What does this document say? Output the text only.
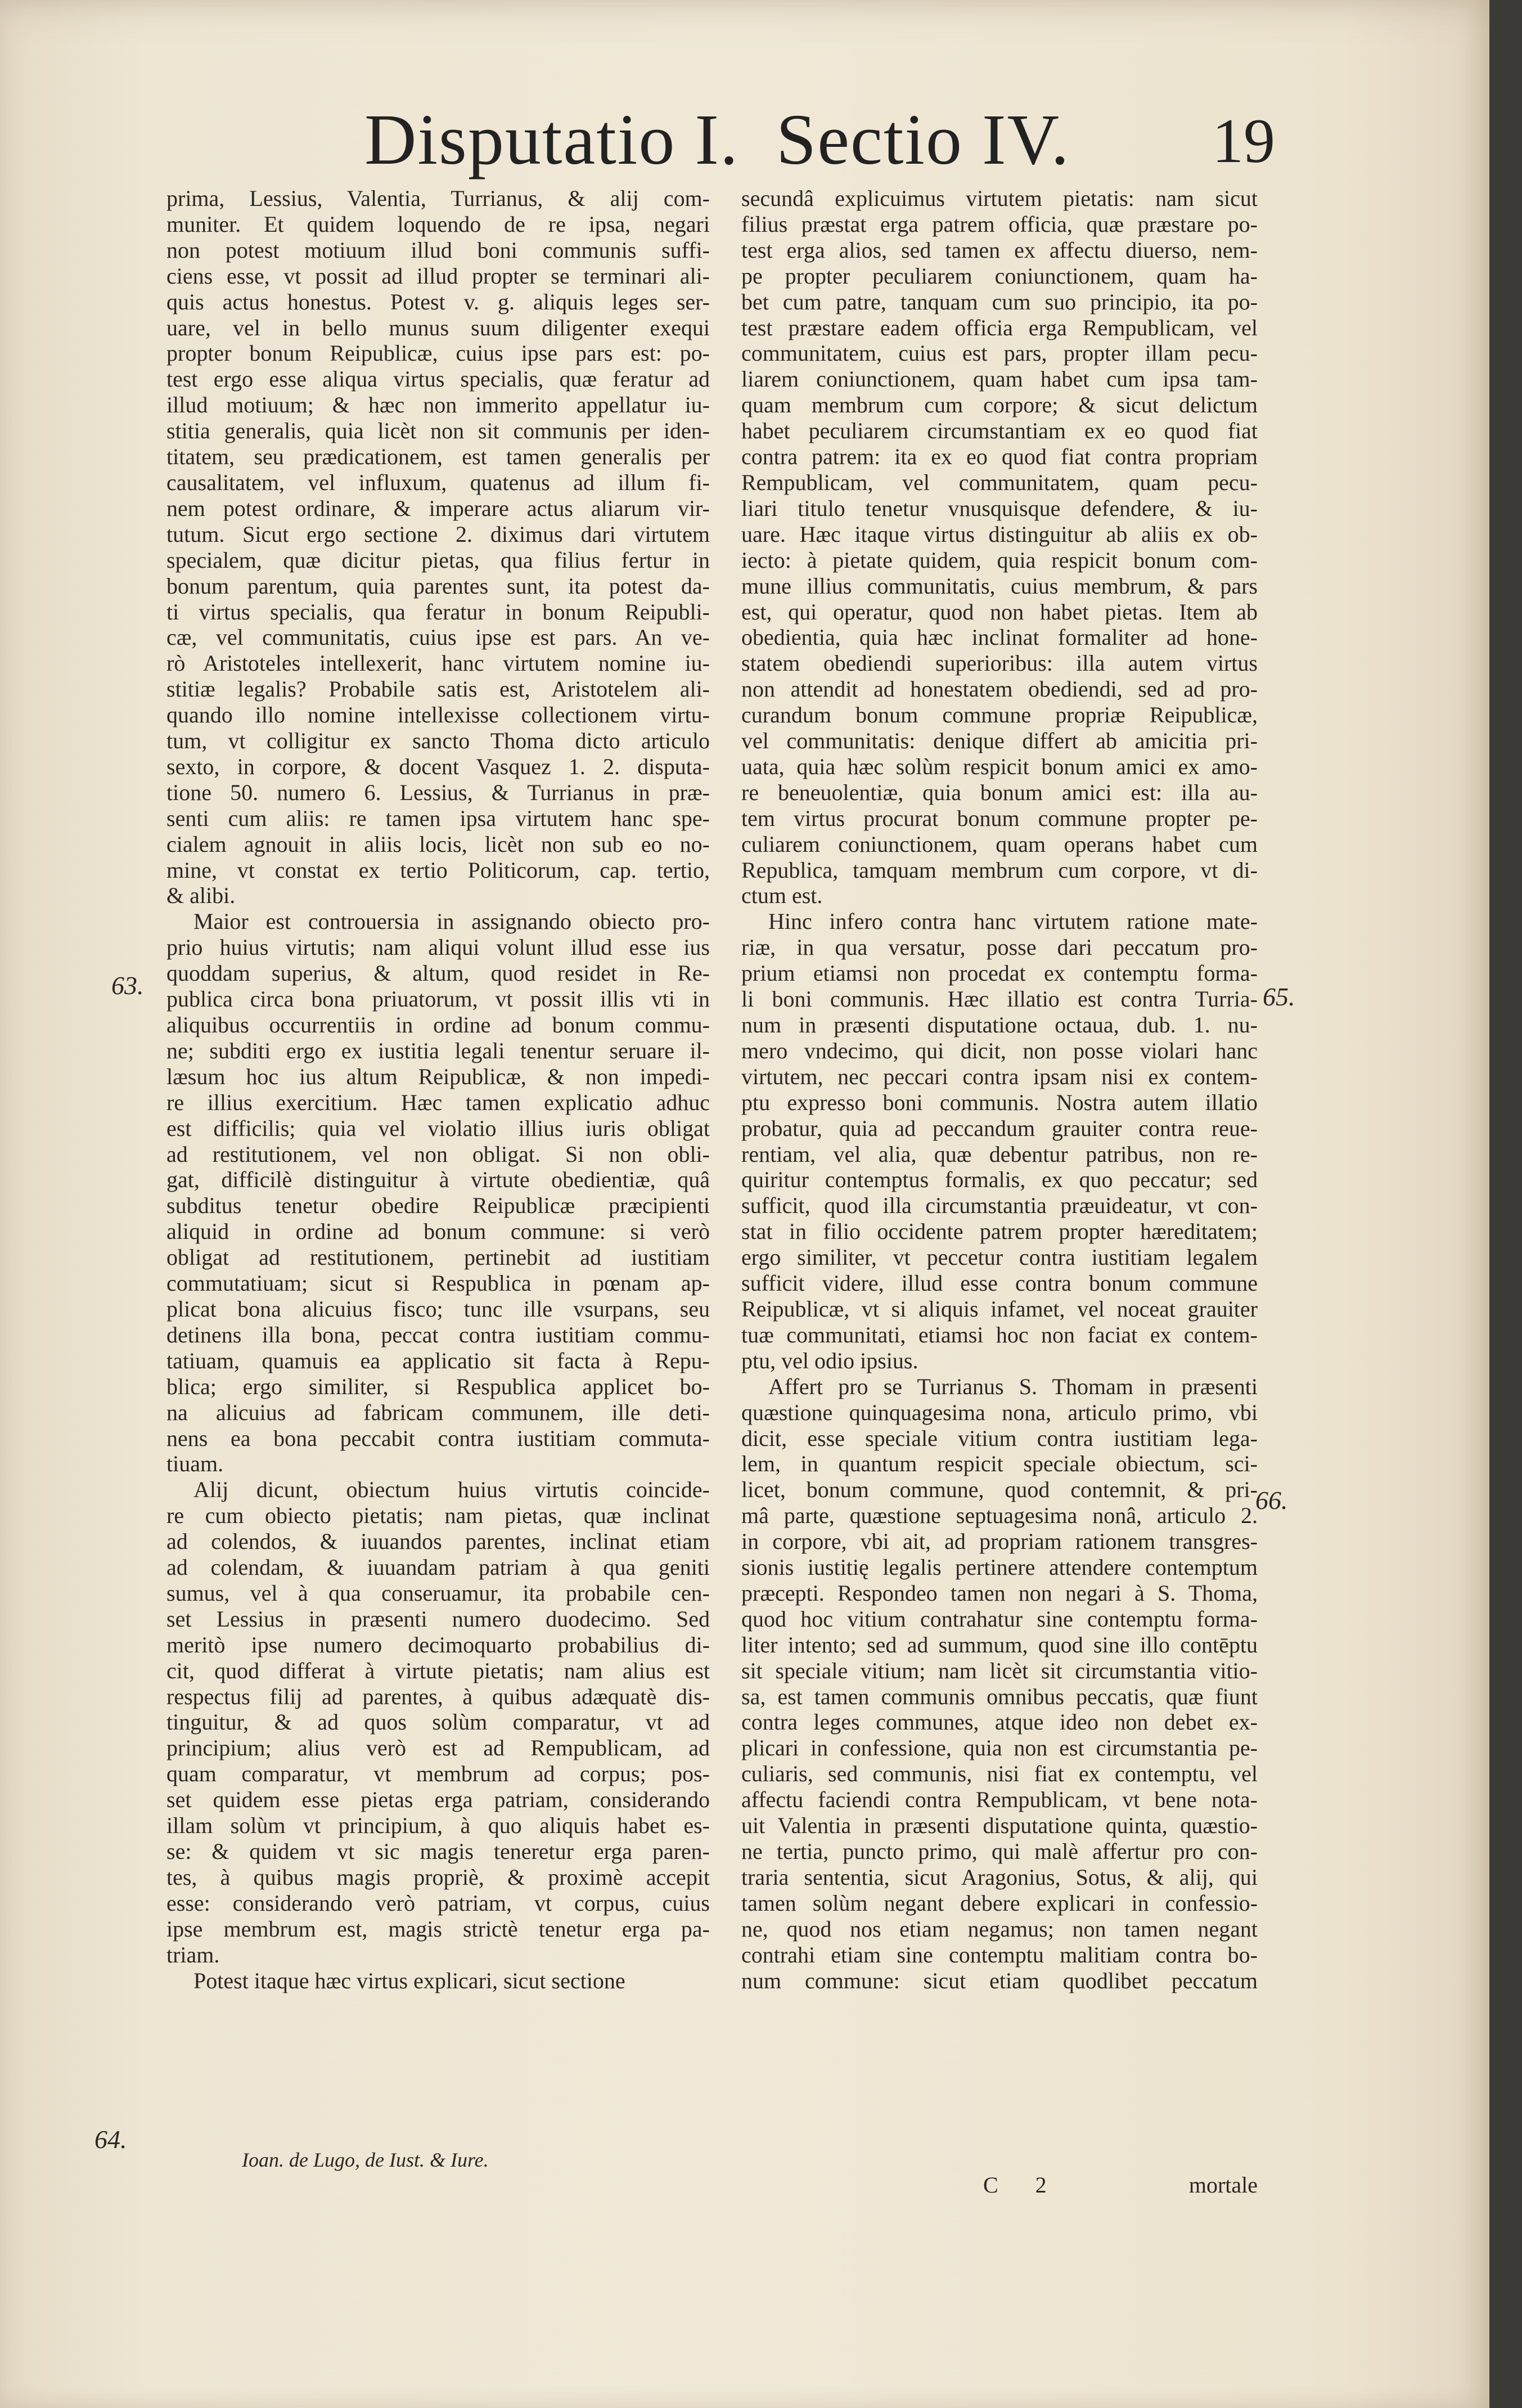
Disputatio I. Sectio IV. 19
prima, Lessius, Valentia, Turrianus, & alij com-
muniter. Et quidem loquendo de re ipsa, negari
non potest motiuum illud boni communis suffi-
ciens esse, vt possit ad illud propter se terminari ali-
quis actus honestus. Potest v. g. aliquis leges ser-
uare, vel in bello munus suum diligenter exequi
propter bonum Reipublicæ, cuius ipse pars est: po-
test ergo esse aliqua virtus specialis, quæ feratur ad
illud motiuum; & hæc non immerito appellatur iu-
stitia generalis, quia licèt non sit communis per iden-
titatem, seu prædicationem, est tamen generalis per
causalitatem, vel influxum, quatenus ad illum fi-
nem potest ordinare, & imperare actus aliarum vir-
tutum. Sicut ergo sectione 2. diximus dari virtutem
specialem, quæ dicitur pietas, qua filius fertur in
bonum parentum, quia parentes sunt, ita potest da-
ti virtus specialis, qua feratur in bonum Reipubli-
cæ, vel communitatis, cuius ipse est pars. An ve-
rò Aristoteles intellexerit, hanc virtutem nomine iu-
stitiæ legalis? Probabile satis est, Aristotelem ali-
quando illo nomine intellexisse collectionem virtu-
tum, vt colligitur ex sancto Thoma dicto articulo
sexto, in corpore, & docent Vasquez 1. 2. disputa-
tione 50. numero 6. Lessius, & Turrianus in præ-
senti cum aliis: re tamen ipsa virtutem hanc spe-
cialem agnouit in aliis locis, licèt non sub eo no-
mine, vt constat ex tertio Politicorum, cap. tertio,
& alibi.
Maior est controuersia in assignando obiecto pro-
prio huius virtutis; nam aliqui volunt illud esse ius
quoddam superius, & altum, quod residet in Re-
publica circa bona priuatorum, vt possit illis vti in
aliquibus occurrentiis in ordine ad bonum commu-
ne; subditi ergo ex iustitia legali tenentur seruare il-
læsum hoc ius altum Reipublicæ, & non impedi-
re illius exercitium. Hæc tamen explicatio adhuc
est difficilis; quia vel violatio illius iuris obligat
ad restitutionem, vel non obligat. Si non obli-
gat, difficilè distinguitur à virtute obedientiæ, quâ
subditus tenetur obedire Reipublicæ præcipienti
aliquid in ordine ad bonum commune: si verò
obligat ad restitutionem, pertinebit ad iustitiam
commutatiuam; sicut si Respublica in pœnam ap-
plicat bona alicuius fisco; tunc ille vsurpans, seu
detinens illa bona, peccat contra iustitiam commu-
tatiuam, quamuis ea applicatio sit facta à Repu-
blica; ergo similiter, si Respublica applicet bo-
na alicuius ad fabricam communem, ille deti-
nens ea bona peccabit contra iustitiam commuta-
tiuam.
Alij dicunt, obiectum huius virtutis coincide-
re cum obiecto pietatis; nam pietas, quæ inclinat
ad colendos, & iuuandos parentes, inclinat etiam
ad colendam, & iuuandam patriam à qua geniti
sumus, vel à qua conseruamur, ita probabile cen-
set Lessius in præsenti numero duodecimo. Sed
meritò ipse numero decimoquarto probabilius di-
cit, quod differat à virtute pietatis; nam alius est
respectus filij ad parentes, à quibus adæquatè dis-
tinguitur, & ad quos solùm comparatur, vt ad
principium; alius verò est ad Rempublicam, ad
quam comparatur, vt membrum ad corpus; pos-
set quidem esse pietas erga patriam, considerando
illam solùm vt principium, à quo aliquis habet es-
se: & quidem vt sic magis teneretur erga paren-
tes, à quibus magis propriè, & proximè accepit
esse: considerando verò patriam, vt corpus, cuius
ipse membrum est, magis strictè tenetur erga pa-
triam.
Potest itaque hæc virtus explicari, sicut sectione
secundâ explicuimus virtutem pietatis: nam sicut
filius præstat erga patrem officia, quæ præstare po-
test erga alios, sed tamen ex affectu diuerso, nem-
pe propter peculiarem coniunctionem, quam ha-
bet cum patre, tanquam cum suo principio, ita po-
test præstare eadem officia erga Rempublicam, vel
communitatem, cuius est pars, propter illam pecu-
liarem coniunctionem, quam habet cum ipsa tam-
quam membrum cum corpore; & sicut delictum
habet peculiarem circumstantiam ex eo quod fiat
contra patrem: ita ex eo quod fiat contra propriam
Rempublicam, vel communitatem, quam pecu-
liari titulo tenetur vnusquisque defendere, & iu-
uare. Hæc itaque virtus distinguitur ab aliis ex ob-
iecto: à pietate quidem, quia respicit bonum com-
mune illius communitatis, cuius membrum, & pars
est, qui operatur, quod non habet pietas. Item ab
obedientia, quia hæc inclinat formaliter ad hone-
statem obediendi superioribus: illa autem virtus
non attendit ad honestatem obediendi, sed ad pro-
curandum bonum commune propriæ Reipublicæ,
vel communitatis: denique differt ab amicitia pri-
uata, quia hæc solùm respicit bonum amici ex amo-
re beneuolentiæ, quia bonum amici est: illa au-
tem virtus procurat bonum commune propter pe-
culiarem coniunctionem, quam operans habet cum
Republica, tamquam membrum cum corpore, vt di-
ctum est.
Hinc infero contra hanc virtutem ratione mate-
riæ, in qua versatur, posse dari peccatum pro-
prium etiamsi non procedat ex contemptu forma-
li boni communis. Hæc illatio est contra Turria-
num in præsenti disputatione octaua, dub. 1. nu-
mero vndecimo, qui dicit, non posse violari hanc
virtutem, nec peccari contra ipsam nisi ex contem-
ptu expresso boni communis. Nostra autem illatio
probatur, quia ad peccandum grauiter contra reue-
rentiam, vel alia, quæ debentur patribus, non re-
quiritur contemptus formalis, ex quo peccatur; sed
sufficit, quod illa circumstantia præuideatur, vt con-
stat in filio occidente patrem propter hæreditatem;
ergo similiter, vt peccetur contra iustitiam legalem
sufficit videre, illud esse contra bonum commune
Reipublicæ, vt si aliquis infamet, vel noceat grauiter
tuæ communitati, etiamsi hoc non faciat ex contem-
ptu, vel odio ipsius.
Affert pro se Turrianus S. Thomam in præsenti
quæstione quinquagesima nona, articulo primo, vbi
dicit, esse speciale vitium contra iustitiam lega-
lem, in quantum respicit speciale obiectum, sci-
licet, bonum commune, quod contemnit, & pri-
mâ parte, quæstione septuagesima nonâ, articulo 2.
in corpore, vbi ait, ad propriam rationem transgres-
sionis iustitię legalis pertinere attendere contemptum
præcepti. Respondeo tamen non negari à S. Thoma,
quod hoc vitium contrahatur sine contemptu forma-
liter intento; sed ad summum, quod sine illo contēptu
sit speciale vitium; nam licèt sit circumstantia vitio-
sa, est tamen communis omnibus peccatis, quæ fiunt
contra leges communes, atque ideo non debet ex-
plicari in confessione, quia non est circumstantia pe-
culiaris, sed communis, nisi fiat ex contemptu, vel
affectu faciendi contra Rempublicam, vt bene nota-
uit Valentia in præsenti disputatione quinta, quæstio-
ne tertia, puncto primo, qui malè affertur pro con-
traria sententia, sicut Aragonius, Sotus, & alij, qui
tamen solùm negant debere explicari in confessio-
ne, quod nos etiam negamus; non tamen negant
contrahi etiam sine contemptu malitiam contra bo-
num commune: sicut etiam quodlibet peccatum
63.
64.
65.
66.
Ioan. de Lugo, de Iust. & Iure.
C 2	mortale
